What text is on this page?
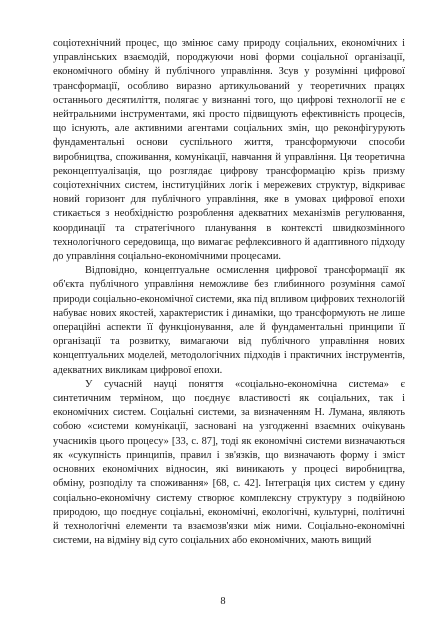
соціотехнічний процес, що змінює саму природу соціальних, економічних і управлінських взаємодій, породжуючи нові форми соціальної організації, економічного обміну й публічного управління. Зсув у розумінні цифрової трансформації, особливо виразно артикульований у теоретичних працях останнього десятиліття, полягає у визнанні того, що цифрові технології не є нейтральними інструментами, які просто підвищують ефективність процесів, що існують, але активними агентами соціальних змін, що реконфігурують фундаментальні основи суспільного життя, трансформуючи способи виробництва, споживання, комунікації, навчання й управління. Ця теоретична реконцептуалізація, що розглядає цифрову трансформацію крізь призму соціотехнічних систем, інституційних логік і мережевих структур, відкриває новий горизонт для публічного управління, яке в умовах цифрової епохи стикається з необхідністю розроблення адекватних механізмів регулювання, координації та стратегічного планування в контексті швидкозмінного технологічного середовища, що вимагає рефлексивного й адаптивного підходу до управління соціально-економічними процесами.

Відповідно, концептуальне осмислення цифрової трансформації як об'єкта публічного управління неможливе без глибинного розуміння самої природи соціально-економічної системи, яка під впливом цифрових технологій набуває нових якостей, характеристик і динаміки, що трансформують не лише операційні аспекти її функціонування, але й фундаментальні принципи її організації та розвитку, вимагаючи від публічного управління нових концептуальних моделей, методологічних підходів і практичних інструментів, адекватних викликам цифрової епохи.

У сучасній науці поняття «соціально-економічна система» є синтетичним терміном, що поєднує властивості як соціальних, так і економічних систем. Соціальні системи, за визначенням Н. Лумана, являють собою «системи комунікації, засновані на узгодженні взаємних очікувань учасників цього процесу» [33, с. 87], тоді як економічні системи визначаються як «сукупність принципів, правил і зв'язків, що визначають форму і зміст основних економічних відносин, які виникають у процесі виробництва, обміну, розподілу та споживання» [68, с. 42]. Інтеграція цих систем у єдину соціально-економічну систему створює комплексну структуру з подвійною природою, що поєднує соціальні, економічні, екологічні, культурні, політичні й технологічні елементи та взаємозв'язки між ними. Соціально-економічні системи, на відміну від суто соціальних або економічних, мають вищий

8
